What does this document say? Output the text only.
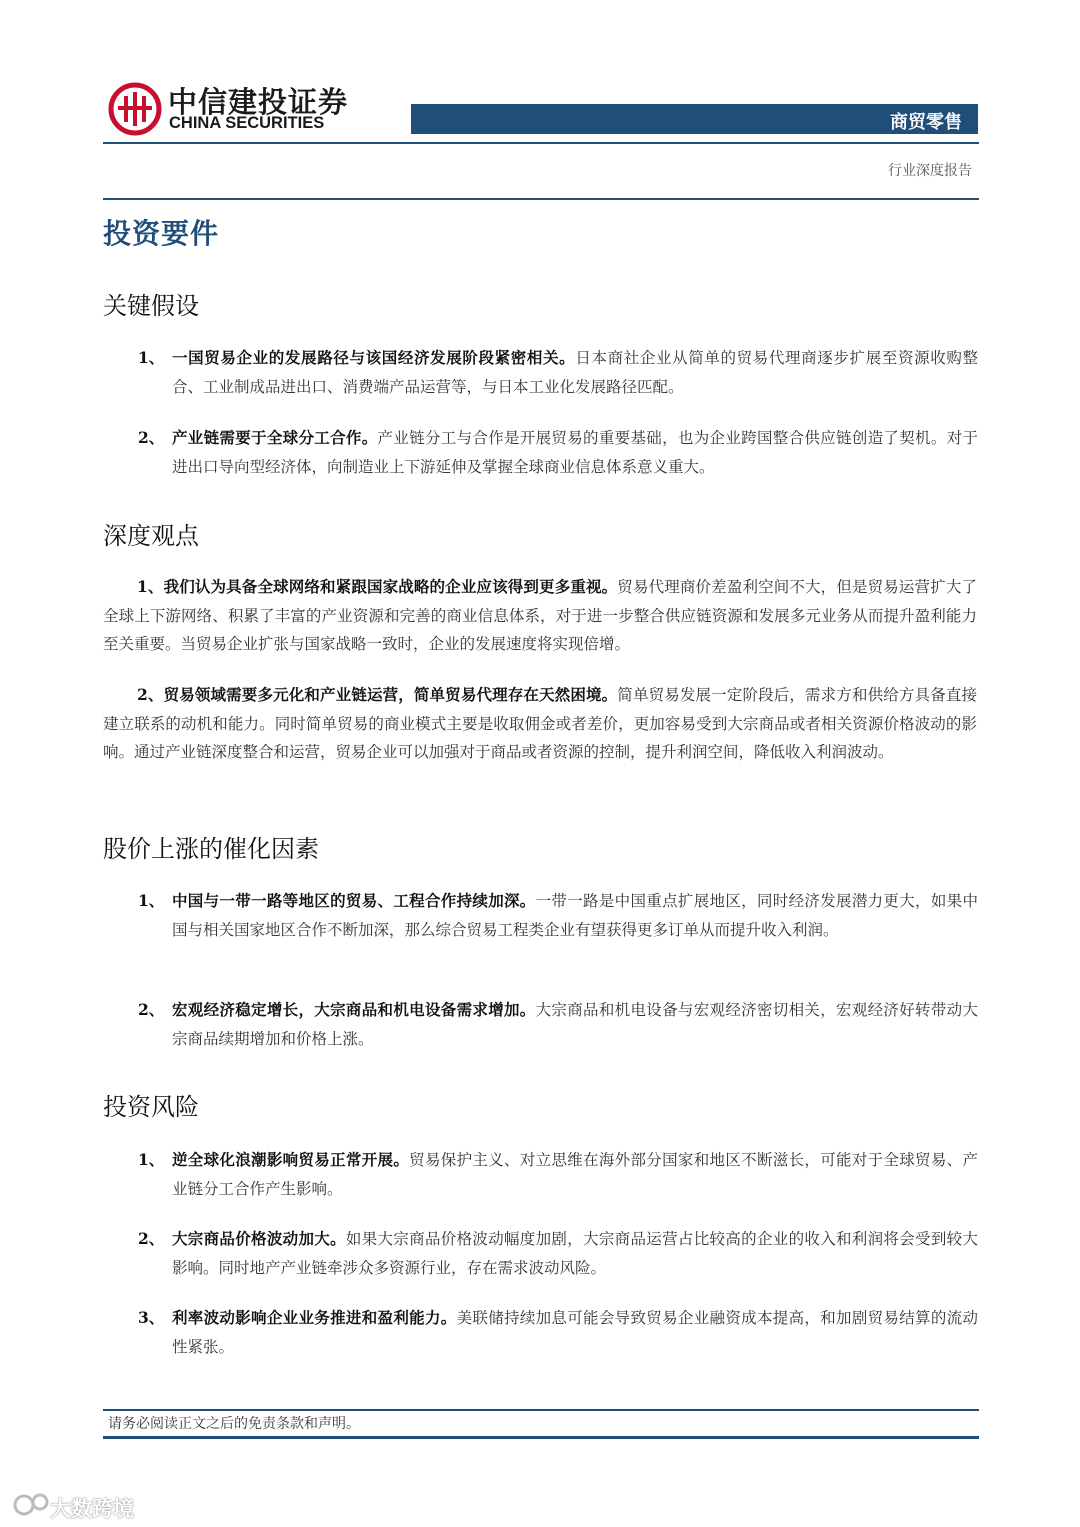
中信建投证券
CHINA SECURITIES	商贸零售
行业深度报告
投资要件
关键假设
1、 一国贸易企业的发展路径与该国经济发展阶段紧密相关。日本商社企业从简单的贸易代理商逐步扩展至资源收购整合、工业制成品进出口、消费端产品运营等，与日本工业化发展路径匹配。
2、 产业链需要于全球分工合作。产业链分工与合作是开展贸易的重要基础，也为企业跨国整合供应链创造了契机。对于进出口导向型经济体，向制造业上下游延伸及掌握全球商业信息体系意义重大。
深度观点
1、我们认为具备全球网络和紧跟国家战略的企业应该得到更多重视。贸易代理商价差盈利空间不大，但是贸易运营扩大了全球上下游网络、积累了丰富的产业资源和完善的商业信息体系，对于进一步整合供应链资源和发展多元业务从而提升盈利能力至关重要。当贸易企业扩张与国家战略一致时，企业的发展速度将实现倍增。
2、贸易领域需要多元化和产业链运营，简单贸易代理存在天然困境。简单贸易发展一定阶段后，需求方和供给方具备直接建立联系的动机和能力。同时简单贸易的商业模式主要是收取佣金或者差价，更加容易受到大宗商品或者相关资源价格波动的影响。通过产业链深度整合和运营，贸易企业可以加强对于商品或者资源的控制，提升利润空间，降低收入利润波动。
股价上涨的催化因素
1、 中国与一带一路等地区的贸易、工程合作持续加深。一带一路是中国重点扩展地区，同时经济发展潜力更大，如果中国与相关国家地区合作不断加深，那么综合贸易工程类企业有望获得更多订单从而提升收入利润。
2、 宏观经济稳定增长，大宗商品和机电设备需求增加。大宗商品和机电设备与宏观经济密切相关，宏观经济好转带动大宗商品续期增加和价格上涨。
投资风险
1、 逆全球化浪潮影响贸易正常开展。贸易保护主义、对立思维在海外部分国家和地区不断滋长，可能对于全球贸易、产业链分工合作产生影响。
2、 大宗商品价格波动加大。如果大宗商品价格波动幅度加剧，大宗商品运营占比较高的企业的收入和利润将会受到较大影响。同时地产产业链牵涉众多资源行业，存在需求波动风险。
3、 利率波动影响企业业务推进和盈利能力。美联储持续加息可能会导致贸易企业融资成本提高，和加剧贸易结算的流动性紧张。
请务必阅读正文之后的免责条款和声明。
大数跨境
